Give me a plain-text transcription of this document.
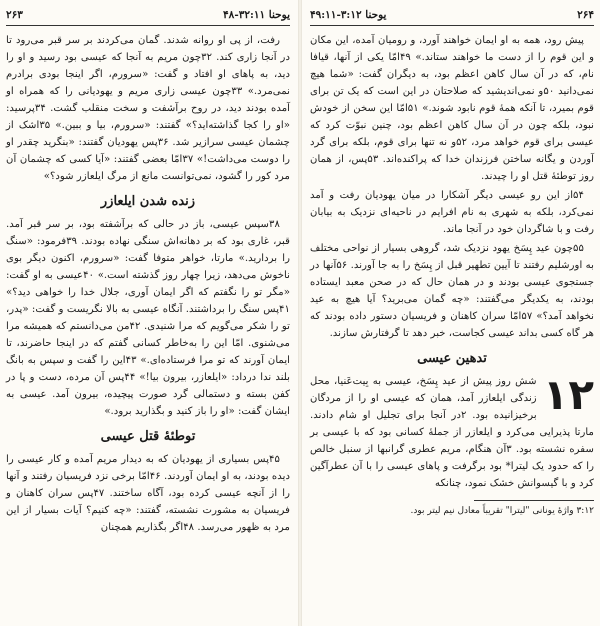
یوحنا ۳:۱۲-۴۹:۱۱	۲۶۴

پیش رود، همه به او ایمان خواهند آورد، و رومیان آمده، این مکان و این قوم را از دست ما خواهند ستاند.» ۴۹امّا یکی از آنها، قیافا نام، که در آن سال کاهن اعظم بود، به دیگران گفت: «شما هیچ نمی‌دانید ۵۰و نمی‌اندیشید که صلاحتان در این است که یک تن برای قوم بمیرد، تا آنکه همهٔ قوم نابود شوند.» ۵۱امّا این سخن از خودش نبود، بلکه چون در آن سال کاهن اعظم بود، چنین نبوّت کرد که عیسی برای قوم خواهد مرد، ۵۲و نه تنها برای قوم، بلکه برای گرد آوردن و یگانه ساختن فرزندان خدا که پراکنده‌اند. ۵۳پس، از همان روز توطئهٔ قتل او را چیدند.

۵۴از این رو عیسی دیگر آشکارا در میان یهودیان رفت و آمد نمی‌کرد، بلکه به شهری به نام افرایم در ناحیه‌ای نزدیک به بیابان رفت و با شاگردان خود در آنجا ماند.

۵۵چون عید پِسَخ یهود نزدیک شد، گروهی بسیار از نواحی مختلف به اورشلیم رفتند تا آیین تطهیر قبل از پِسَخ را به جا آورند. ۵۶آنها در جستجوی عیسی بودند و در همان حال که در صحن معبد ایستاده بودند، به یکدیگر می‌گفتند: «چه گمان می‌برید؟ آیا هیچ به عید نخواهد آمد؟» ۵۷امّا سران کاهنان و فریسیان دستور داده بودند که هر گاه کسی بداند عیسی کجاست، خبر دهد تا گرفتارش سازند.

تدهین عیسی
۱۲
شش روز پیش از عید پِسَخ، عیسی به بِیت‌عَنیا، محل زندگی ایلعازر آمد، همان که عیسی او را از مردگان برخیزانیده بود. ۲در آنجا برای تجلیل او شام دادند. مارتا پذیرایی می‌کرد و ایلعازر از جملهٔ کسانی بود که با عیسی بر سفره نشسته بود. ۳آن هنگام، مریم عطری گرانبها از سنبل خالص را که حدود یک لیترا* بود برگرفت و پاهای عیسی را با آن عطرآگین کرد و با گیسوانش خشک نمود، چنانکه
۳:۱۲ واژهٔ یونانی "لیترا" تقریباً معادل نیم لیتر بود.
۲۶۳	یوحنا ۳۲:۱۱-۴۸

رفت، از پی او روانه شدند. گمان می‌کردند بر سر قبر می‌رود تا در آنجا زاری کند. ۳۲چون مریم به آنجا که عیسی بود رسید و او را دید، به پاهای او افتاد و گفت: «سرورم، اگر اینجا بودی برادرم نمی‌مرد.» ۳۳چون عیسی زاری مریم و یهودیانی را که همراه او آمده بودند دید، در روح برآشفت و سخت منقلب گشت. ۳۴پرسید: «او را کجا گذاشته‌اید؟» گفتند: «سرورم، بیا و ببین.» ۳۵اشک از چشمان عیسی سرازیر شد. ۳۶پس یهودیان گفتند: «بنگرید چقدر او را دوست می‌داشت!» ۳۷امّا بعضی گفتند: «آیا کسی که چشمان آن مرد کور را گشود، نمی‌توانست مانع از مرگ ایلعازر شود؟»

زنده شدن ایلعازر

۳۸سپس عیسی، باز در حالی که برآشفته بود، بر سر قبر آمد. قبر، غاری بود که بر دهانه‌اش سنگی نهاده بودند. ۳۹فرمود: «سنگ را بردارید.» مارتا، خواهر متوفا گفت: «سرورم، اکنون دیگر بوی ناخوش می‌دهد، زیرا چهار روز گذشته است.» ۴۰عیسی به او گفت: «مگر تو را نگفتم که اگر ایمان آوری، جلال خدا را خواهی دید؟» ۴۱پس سنگ را برداشتند. آنگاه عیسی به بالا نگریست و گفت: «پدر، تو را شکر می‌گویم که مرا شنیدی. ۴۲من می‌دانستم که همیشه مرا می‌شنوی. امّا این را به‌خاطر کسانی گفتم که در اینجا حاضرند، تا ایمان آورند که تو مرا فرستاده‌ای.» ۴۳این را گفت و سپس به بانگ بلند ندا درداد: «ایلعازر، بیرون بیا!» ۴۴پس آن مرده، دست و پا در کفن بسته و دستمالی گرد صورت پیچیده، بیرون آمد. عیسی به ایشان گفت: «او را باز کنید و بگذارید برود.»

توطئهٔ قتل عیسی

۴۵پس بسیاری از یهودیان که به دیدار مریم آمده و کار عیسی را دیده بودند، به او ایمان آوردند. ۴۶امّا برخی نزد فریسیان رفتند و آنها را از آنچه عیسی کرده بود، آگاه ساختند. ۴۷پس سران کاهنان و فریسیان به مشورت نشسته، گفتند: «چه کنیم؟ آیات بسیار از این مرد به ظهور می‌رسد. ۴۸اگر بگذاریم همچنان
